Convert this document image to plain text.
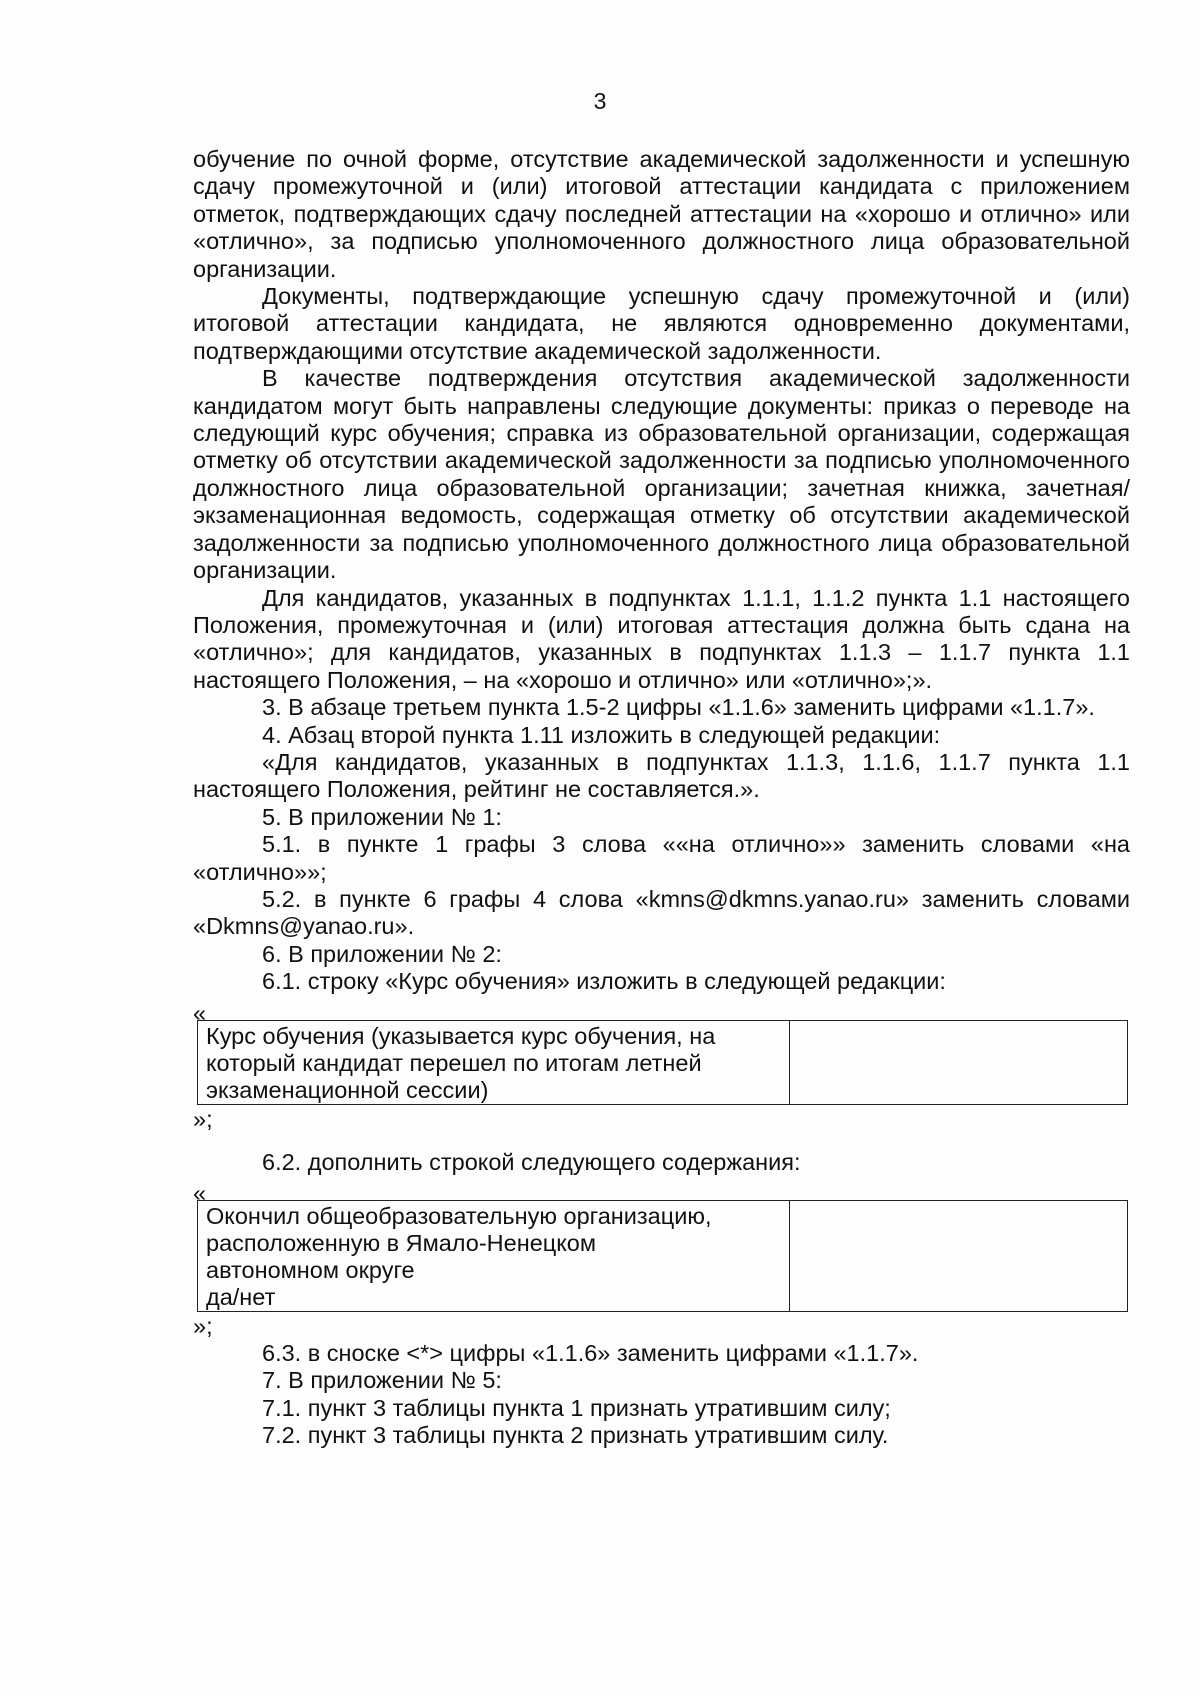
3

обучение по очной форме, отсутствие академической задолженности и успешную сдачу промежуточной и (или) итоговой аттестации кандидата с приложением отметок, подтверждающих сдачу последней аттестации на «хорошо и отлично» или «отлично», за подписью уполномоченного должностного лица образовательной организации.

Документы, подтверждающие успешную сдачу промежуточной и (или) итоговой аттестации кандидата, не являются одновременно документами, подтверждающими отсутствие академической задолженности.

В качестве подтверждения отсутствия академической задолженности кандидатом могут быть направлены следующие документы: приказ о переводе на следующий курс обучения; справка из образовательной организации, содержащая отметку об отсутствии академической задолженности за подписью уполномоченного должностного лица образовательной организации; зачетная книжка, зачетная/экзаменационная ведомость, содержащая отметку об отсутствии академической задолженности за подписью уполномоченного должностного лица образовательной организации.

Для кандидатов, указанных в подпунктах 1.1.1, 1.1.2 пункта 1.1 настоящего Положения, промежуточная и (или) итоговая аттестация должна быть сдана на «отлично»; для кандидатов, указанных в подпунктах 1.1.3 – 1.1.7 пункта 1.1 настоящего Положения, – на «хорошо и отлично» или «отлично»;».

3. В абзаце третьем пункта 1.5-2 цифры «1.1.6» заменить цифрами «1.1.7».

4. Абзац второй пункта 1.11 изложить в следующей редакции:

«Для кандидатов, указанных в подпунктах 1.1.3, 1.1.6, 1.1.7 пункта 1.1 настоящего Положения, рейтинг не составляется.».

5. В приложении № 1:

5.1. в пункте 1 графы 3 слова ««на отлично»» заменить словами «на «отлично»»;

5.2. в пункте 6 графы 4 слова «kmns@dkmns.yanao.ru» заменить словами «Dkmns@yanao.ru».

6. В приложении № 2:

6.1. строку «Курс обучения» изложить в следующей редакции:

«

Курс обучения (указывается курс обучения, на который кандидат перешел по итогам летней экзаменационной сессии)	

»;

6.2. дополнить строкой следующего содержания:

«

Окончил общеобразовательную организацию,
расположенную в Ямало-Ненецком
автономном округе
да/нет

»;

6.3. в сноске <*> цифры «1.1.6» заменить цифрами «1.1.7».

7. В приложении № 5:

7.1. пункт 3 таблицы пункта 1 признать утратившим силу;

7.2. пункт 3 таблицы пункта 2 признать утратившим силу.
